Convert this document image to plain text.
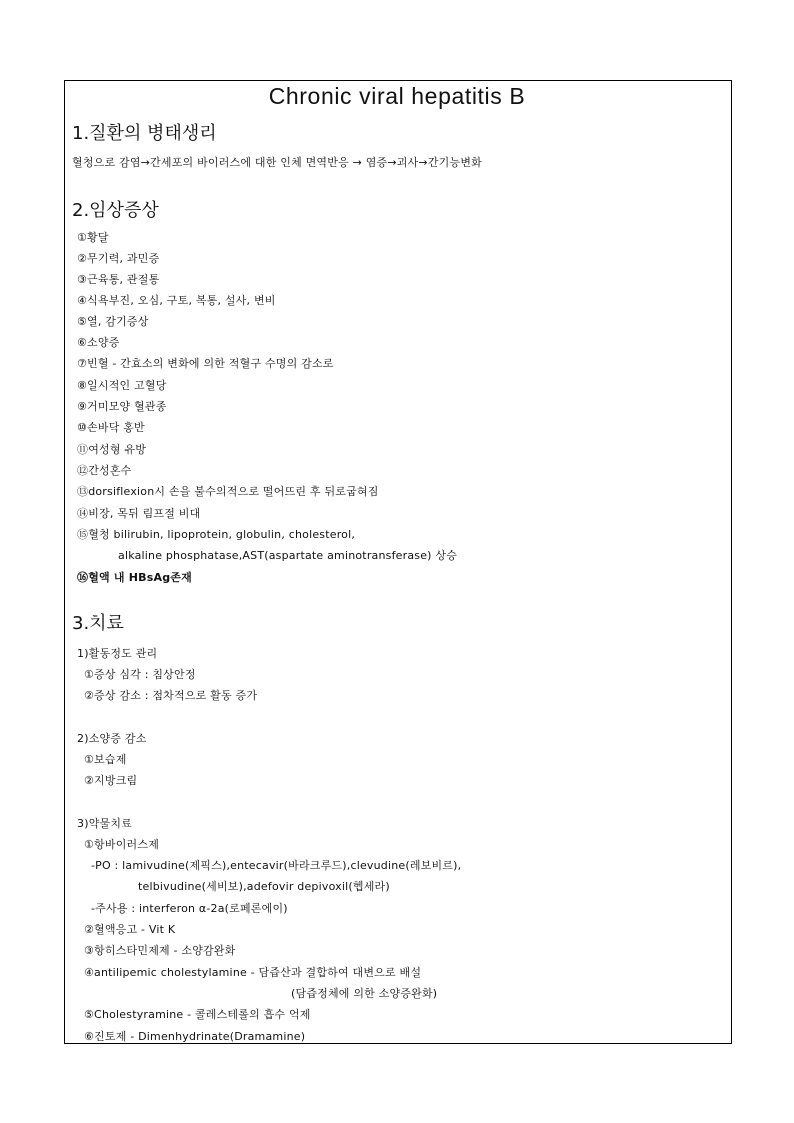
Chronic viral hepatitis B
1.질환의 병태생리
혈청으로 감염→간세포의 바이러스에 대한 인체 면역반응 → 염증→괴사→간기능변화
2.임상증상
①황달
②무기력, 과민증
③근육통, 관절통
④식욕부진, 오심, 구토, 복통, 설사, 변비
⑤열, 감기증상
⑥소양증
⑦빈혈 - 간효소의 변화에 의한 적혈구 수명의 감소로
⑧일시적인 고혈당
⑨거미모양 혈관종
⑩손바닥 홍반
⑪여성형 유방
⑫간성혼수
⑬dorsiflexion시 손을 불수의적으로 떨어뜨린 후 뒤로굽혀짐
⑭비장, 목뒤 림프절 비대
⑮혈청 bilirubin, lipoprotein, globulin, cholesterol,
alkaline phosphatase,AST(aspartate aminotransferase) 상승
⑯혈액 내 HBsAg존재
3.치료
1)활동정도 관리
①증상 심각 : 침상안정
②증상 감소 : 점차적으로 활동 증가
2)소양증 감소
①보습제
②지방크림
3)약물치료
①항바이러스제
-PO : lamivudine(제픽스),entecavir(바라크루드),clevudine(레보비르),
telbivudine(세비보),adefovir depivoxil(헵세라)
-주사용 : interferon ⍺-2a(로페론에이)
②혈액응고 - Vit K
③항히스타민제제 - 소양감완화
④antilipemic cholestylamine - 담즙산과 결합하여 대변으로 배설
(담즙정체에 의한 소양증완화)
⑤Cholestyramine - 콜레스테롤의 흡수 억제
⑥진토제 - Dimenhydrinate(Dramamine)
